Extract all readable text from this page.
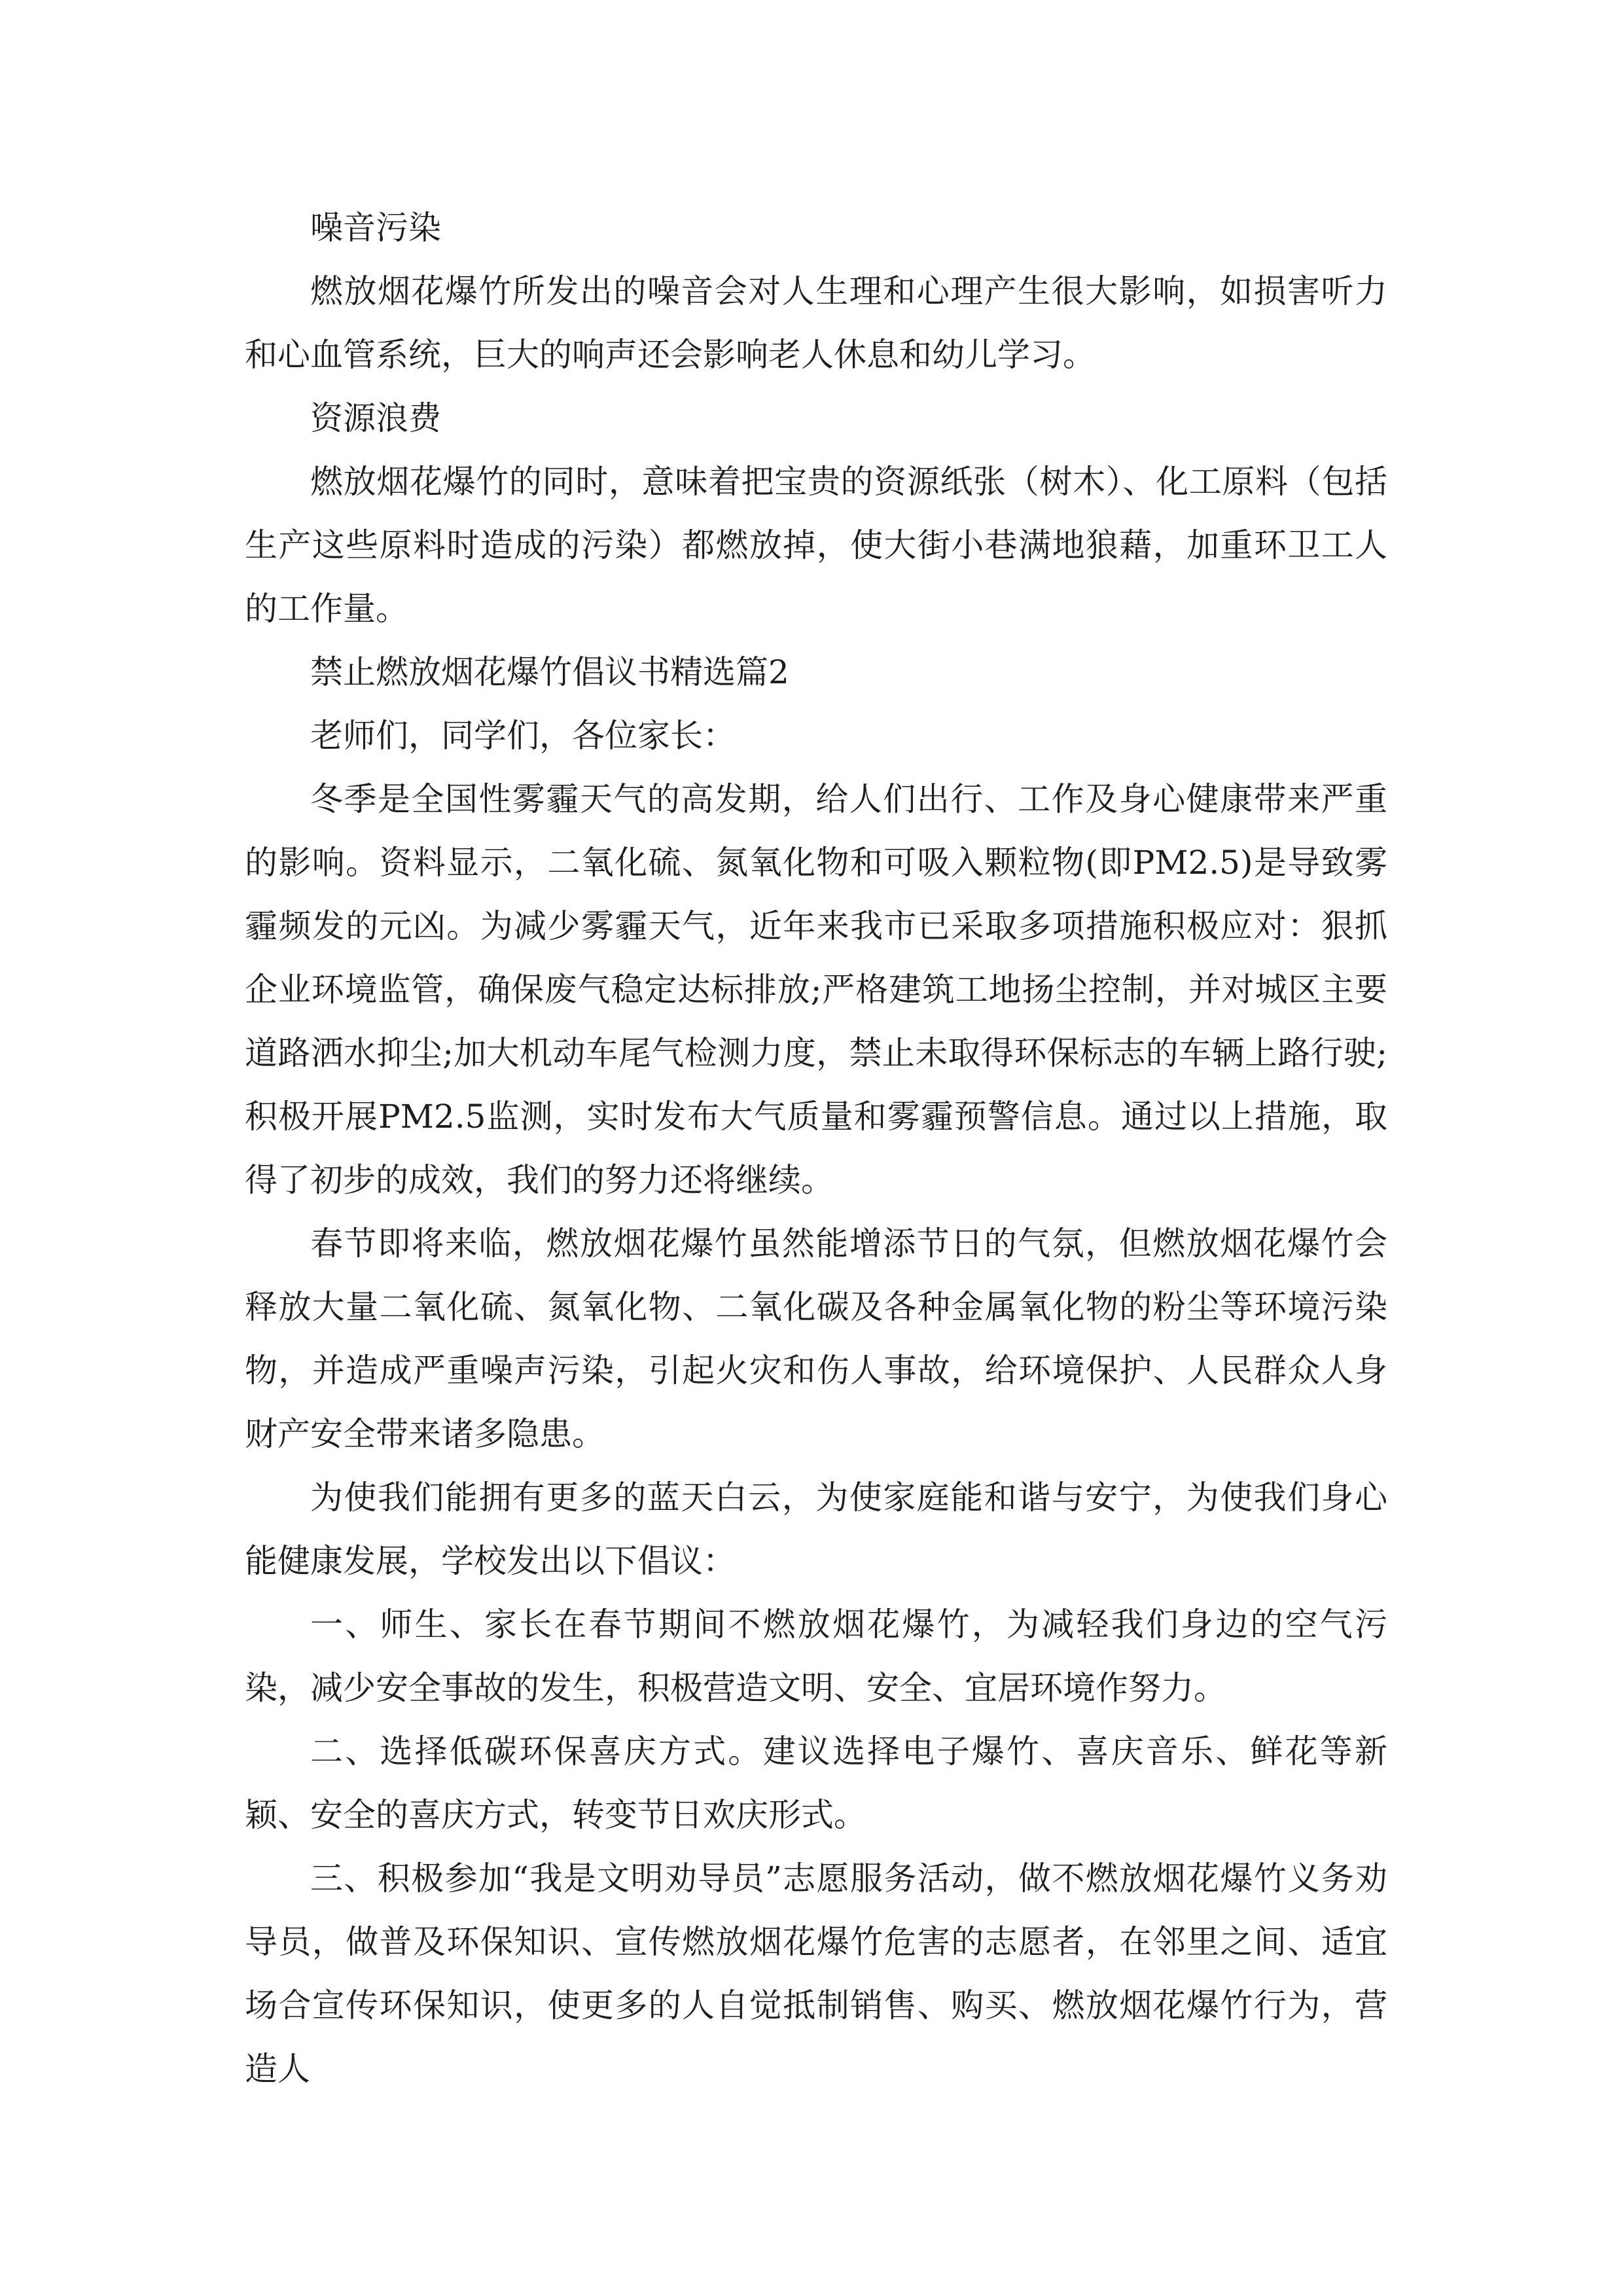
噪音污染

燃放烟花爆竹所发出的噪音会对人生理和心理产生很大影响，如损害听力和心血管系统，巨大的响声还会影响老人休息和幼儿学习。

资源浪费

燃放烟花爆竹的同时，意味着把宝贵的资源纸张（树木）、化工原料（包括生产这些原料时造成的污染）都燃放掉，使大街小巷满地狼藉，加重环卫工人的工作量。

禁止燃放烟花爆竹倡议书精选篇2

老师们，同学们，各位家长：

冬季是全国性雾霾天气的高发期，给人们出行、工作及身心健康带来严重的影响。资料显示，二氧化硫、氮氧化物和可吸入颗粒物(即PM2.5)是导致雾霾频发的元凶。为减少雾霾天气，近年来我市已采取多项措施积极应对：狠抓企业环境监管，确保废气稳定达标排放;严格建筑工地扬尘控制，并对城区主要道路洒水抑尘;加大机动车尾气检测力度，禁止未取得环保标志的车辆上路行驶;积极开展PM2.5监测，实时发布大气质量和雾霾预警信息。通过以上措施，取得了初步的成效，我们的努力还将继续。

春节即将来临，燃放烟花爆竹虽然能增添节日的气氛，但燃放烟花爆竹会释放大量二氧化硫、氮氧化物、二氧化碳及各种金属氧化物的粉尘等环境污染物，并造成严重噪声污染，引起火灾和伤人事故，给环境保护、人民群众人身财产安全带来诸多隐患。

为使我们能拥有更多的蓝天白云，为使家庭能和谐与安宁，为使我们身心能健康发展，学校发出以下倡议：

一、师生、家长在春节期间不燃放烟花爆竹，为减轻我们身边的空气污染，减少安全事故的发生，积极营造文明、安全、宜居环境作努力。

二、选择低碳环保喜庆方式。建议选择电子爆竹、喜庆音乐、鲜花等新颖、安全的喜庆方式，转变节日欢庆形式。

三、积极参加“我是文明劝导员”志愿服务活动，做不燃放烟花爆竹义务劝导员，做普及环保知识、宣传燃放烟花爆竹危害的志愿者，在邻里之间、适宜场合宣传环保知识，使更多的人自觉抵制销售、购买、燃放烟花爆竹行为，营造人
